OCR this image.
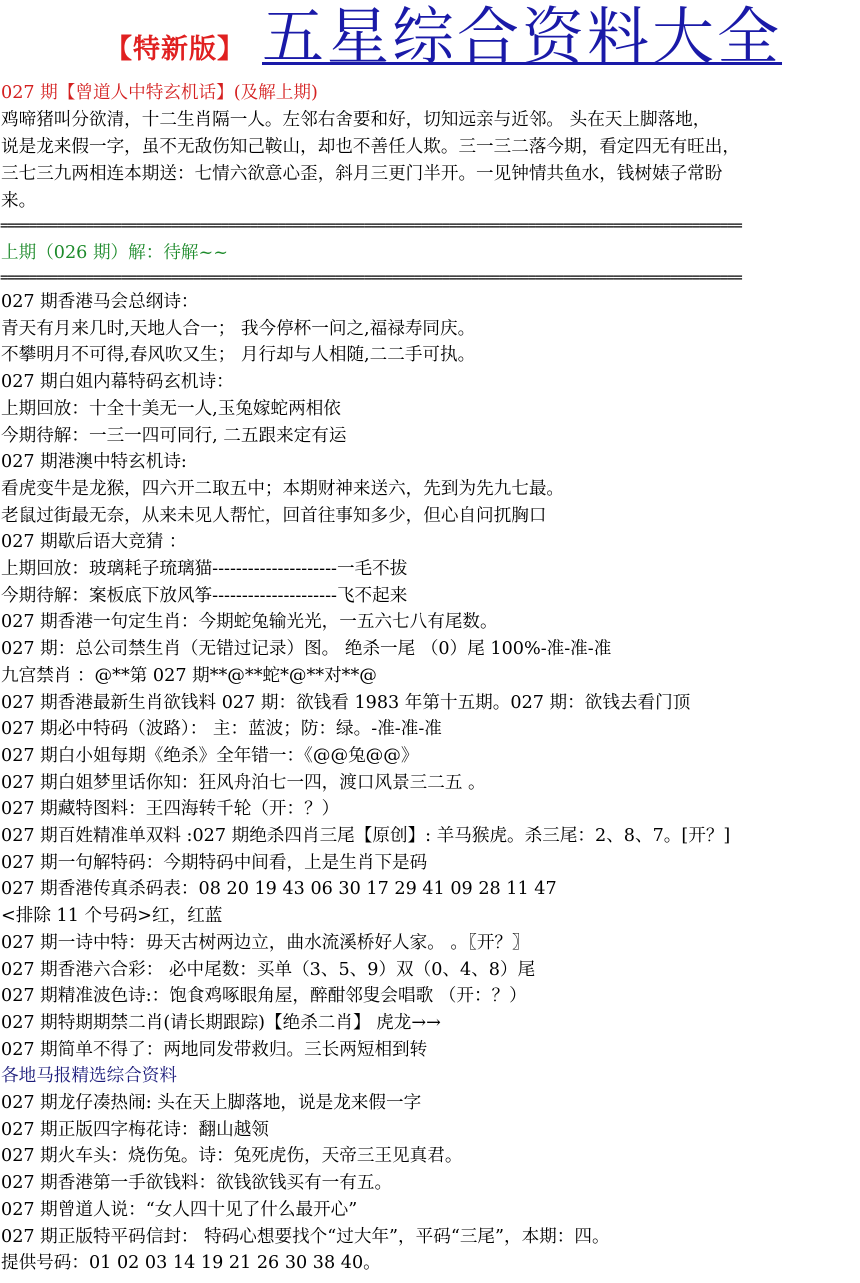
【特新版】 五星综合资料大全
027 期【曾道人中特玄机话】(及解上期)
鸡啼猪叫分欲清，十二生肖隔一人。左邻右舍要和好，切知远亲与近邻。 头在天上脚落地，
说是龙来假一字，虽不无敌伤知己鞍山，却也不善任人欺。三一三二落今期，看定四无有旺出，
三七三九两相连本期送：七情六欲意心歪，斜月三更门半开。一见钟情共鱼水，钱树婊子常盼
来。
========================================================================================================
上期（026 期）解：待解~~
========================================================================================================
027 期香港马会总纲诗：
青天有月来几时,天地人合一； 我今停杯一问之,福禄寿同庆。
不攀明月不可得,春风吹又生； 月行却与人相随,二二手可执。
027 期白姐内幕特码玄机诗：
上期回放：十全十美无一人,玉兔嫁蛇两相依
今期待解：一三一四可同行, 二五跟来定有运
027 期港澳中特玄机诗:
看虎变牛是龙猴，四六开二取五中；本期财神来送六，先到为先九七最。
老鼠过街最无奈，从来未见人帮忙，回首往事知多少，但心自问扤胸口
027 期歇后语大竞猜 ：
上期回放：玻璃耗子琉璃猫---------------------一毛不拔
今期待解：案板底下放风筝---------------------飞不起来
027 期香港一句定生肖：今期蛇兔输光光，一五六七八有尾数。
027 期：总公司禁生肖（无错过记录）图。 绝杀一尾 （0）尾 100%-准-准-准
九宫禁肖 ：@**第 027 期**@**蛇*@**对**@
027 期香港最新生肖欲钱料 027 期：欲钱看 1983 年第十五期。027 期：欲钱去看门顶
027 期必中特码（波路）： 主：蓝波；防：绿。-准-准-准
027 期白小姐每期《绝杀》全年错一：《@@兔@@》
027 期白姐梦里话你知：狂风舟泊七一四，渡口风景三二五 。
027 期藏特图料：王四海转千轮（开：？）
027 期百姓精准单双料 :027 期绝杀四肖三尾【原创】: 羊马猴虎。杀三尾：2、8、7。[开？]
027 期一句解特码：今期特码中间看，上是生肖下是码
027 期香港传真杀码表：08 20 19 43 06 30 17 29 41 09 28 11 47
<排除 11 个号码>红，红蓝
027 期一诗中特：毋天古树两边立，曲水流溪桥好人家。 。〖开？〗
027 期香港六合彩： 必中尾数：买单（3、5、9）双（0、4、8）尾
027 期精准波色诗:：饱食鸡啄眼角屋，醉酣邻叟会唱歌 （开：？）
027 期特期期禁二肖(请长期跟踪)【绝杀二肖】 虎龙→→
027 期简单不得了：两地同发带救归。三长两短相到转
各地马报精选综合资料
027 期龙仔凑热闹: 头在天上脚落地，说是龙来假一字
027 期正版四字梅花诗：翻山越领
027 期火车头：烧伤兔。诗：兔死虎伤，天帝三王见真君。
027 期香港第一手欲钱料：欲钱欲钱买有一有五。
027 期曾道人说：“女人四十见了什么最开心”
027 期正版特平码信封： 特码心想要找个“过大年”，平码“三尾”，本期：四。
提供号码：01 02 03 14 19 21 26 30 38 40。
